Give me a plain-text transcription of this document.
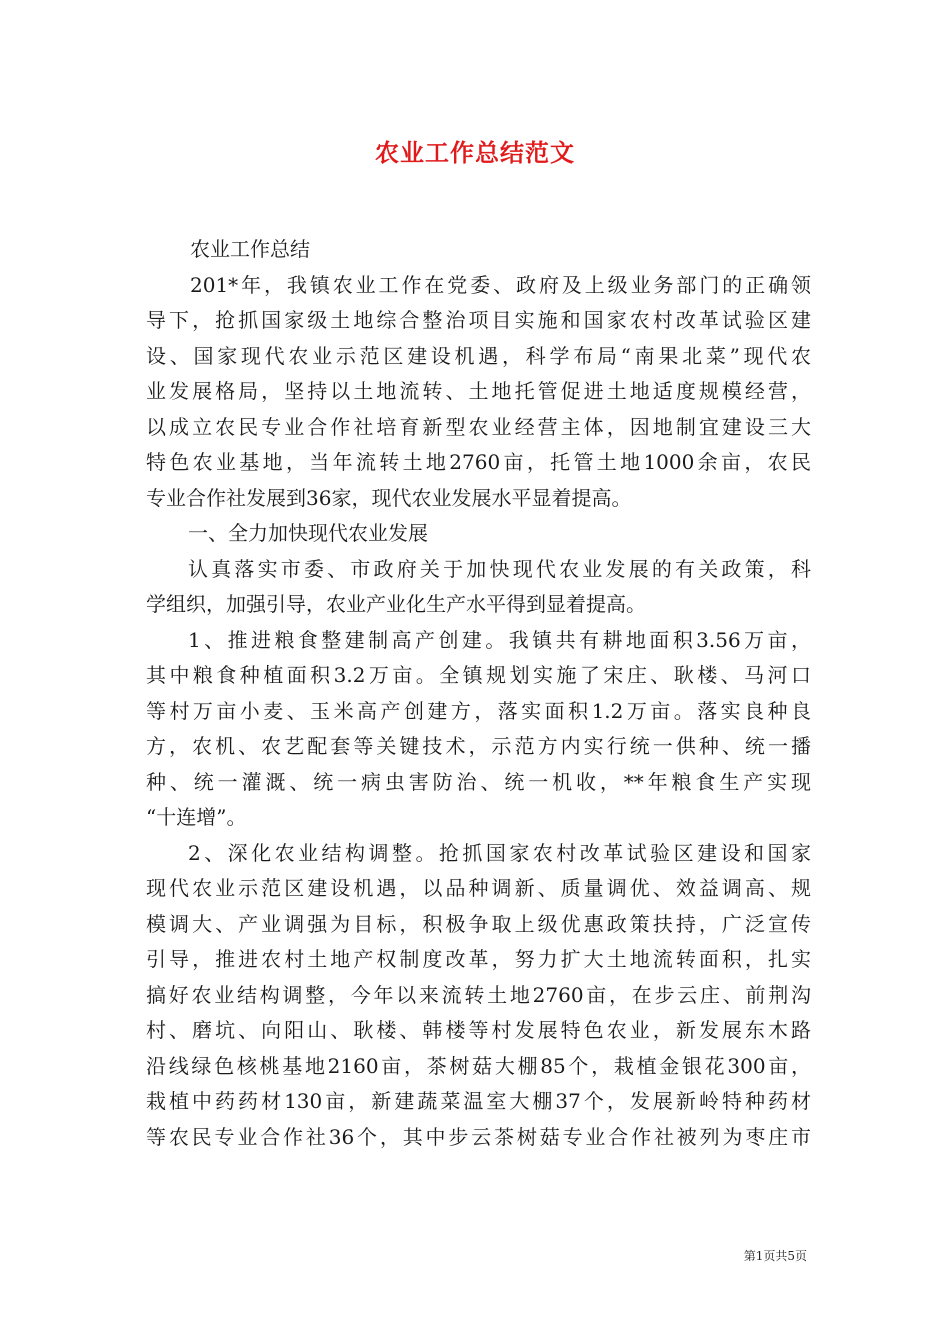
农业工作总结范文
农业工作总结
201*年，我镇农业工作在党委、政府及上级业务部门的正确领
导下，抢抓国家级土地综合整治项目实施和国家农村改革试验区建
设、国家现代农业示范区建设机遇，科学布局“南果北菜”现代农
业发展格局，坚持以土地流转、土地托管促进土地适度规模经营，
以成立农民专业合作社培育新型农业经营主体，因地制宜建设三大
特色农业基地，当年流转土地2760亩，托管土地1000余亩，农民
专业合作社发展到36家，现代农业发展水平显着提高。
一、全力加快现代农业发展
认真落实市委、市政府关于加快现代农业发展的有关政策，科
学组织，加强引导，农业产业化生产水平得到显着提高。
1、推进粮食整建制高产创建。我镇共有耕地面积3.56万亩，
其中粮食种植面积3.2万亩。全镇规划实施了宋庄、耿楼、马河口
等村万亩小麦、玉米高产创建方，落实面积1.2万亩。落实良种良
方，农机、农艺配套等关键技术，示范方内实行统一供种、统一播
种、统一灌溉、统一病虫害防治、统一机收，**年粮食生产实现
“十连增”。
2、深化农业结构调整。抢抓国家农村改革试验区建设和国家
现代农业示范区建设机遇，以品种调新、质量调优、效益调高、规
模调大、产业调强为目标，积极争取上级优惠政策扶持，广泛宣传
引导，推进农村土地产权制度改革，努力扩大土地流转面积，扎实
搞好农业结构调整，今年以来流转土地2760亩，在步云庄、前荆沟
村、磨坑、向阳山、耿楼、韩楼等村发展特色农业，新发展东木路
沿线绿色核桃基地2160亩，茶树菇大棚85个，栽植金银花300亩，
栽植中药药材130亩，新建蔬菜温室大棚37个，发展新岭特种药材
等农民专业合作社36个，其中步云茶树菇专业合作社被列为枣庄市
第1页共5页
